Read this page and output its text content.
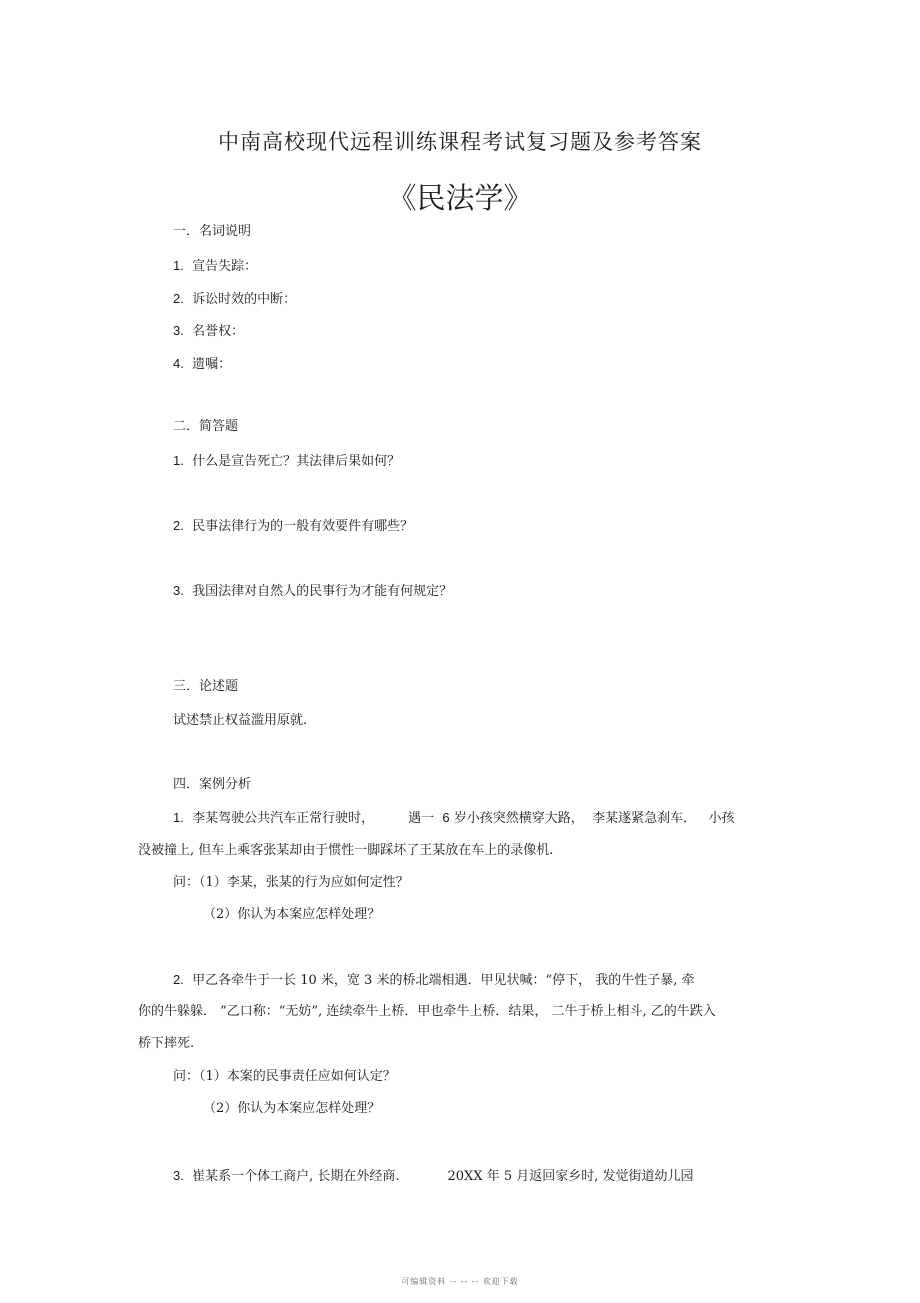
中南高校现代远程训练课程考试复习题及参考答案
《民法学》
一．名词说明
1. 宣告失踪：
2. 诉讼时效的中断：
3. 名誉权：
4. 遗嘱：
二．简答题
1. 什么是宣告死亡？其法律后果如何？
2. 民事法律行为的一般有效要件有哪些？
3. 我国法律对自然人的民事行为才能有何规定？
三．论述题
试述禁止权益滥用原就.
四．案例分析
1. 李某驾驶公共汽车正常行驶时，	遇一 6 岁小孩突然横穿大路， 李某遂紧急刹车． 小孩
没被撞上, 但车上乘客张某却由于惯性一脚踩坏了王某放在车上的录像机.
问：（1）李某，张某的行为应如何定性？
（2）你认为本案应怎样处理？
2. 甲乙各牵牛于一长 10 米，宽 3 米的桥北端相遇．甲见状喊：“停下， 我的牛性子暴, 牵
你的牛躲躲． ”乙口称：“无妨”, 连续牵牛上桥．甲也牵牛上桥．结果， 二牛于桥上相斗, 乙的牛跌入
桥下摔死.
问：（1）本案的民事责任应如何认定？
（2）你认为本案应怎样处理？
3. 崔某系一个体工商户, 长期在外经商.	20XX 年 5 月返回家乡时, 发觉街道幼儿园
可编辑资料 -- -- -- 欢迎下载
